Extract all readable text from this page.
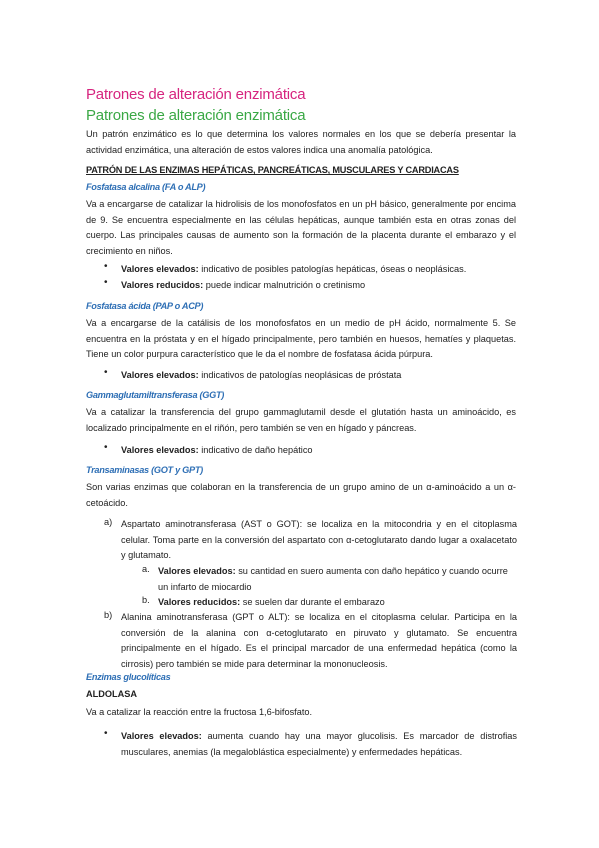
Patrones de alteración enzimática
Patrones de alteración enzimática
Un patrón enzimático es lo que determina los valores normales en los que se debería presentar la actividad enzimática, una alteración de estos valores indica una anomalía patológica.
PATRÓN DE LAS ENZIMAS HEPÁTICAS, PANCREÁTICAS, MUSCULARES Y CARDIACAS
Fosfatasa alcalina (FA o ALP)
Va a encargarse de catalizar la hidrolisis de los monofosfatos en un pH básico, generalmente por encima de 9. Se encuentra especialmente en las células hepáticas, aunque también esta en otras zonas del cuerpo. Las principales causas de aumento son la formación de la placenta durante el embarazo y el crecimiento en niños.
• Valores elevados: indicativo de posibles patologías hepáticas, óseas o neoplásicas.
• Valores reducidos: puede indicar malnutrición o cretinismo
Fosfatasa ácida (PAP o ACP)
Va a encargarse de la catálisis de los monofosfatos en un medio de pH ácido, normalmente 5. Se encuentra en la próstata y en el hígado principalmente, pero también en huesos, hematíes y plaquetas. Tiene un color purpura característico que le da el nombre de fosfatasa ácida púrpura.
• Valores elevados: indicativos de patologías neoplásicas de próstata
Gammaglutamiltransferasa (GGT)
Va a catalizar la transferencia del grupo gammaglutamil desde el glutatión hasta un aminoácido, es localizado principalmente en el riñón, pero también se ven en hígado y páncreas.
• Valores elevados: indicativo de daño hepático
Transaminasas (GOT y GPT)
Son varias enzimas que colaboran en la transferencia de un grupo amino de un α-aminoácido a un α-cetoácido.
a) Aspartato aminotransferasa (AST o GOT): se localiza en la mitocondria y en el citoplasma celular. Toma parte en la conversión del aspartato con α-cetoglutarato dando lugar a oxalacetato y glutamato.
a. Valores elevados: su cantidad en suero aumenta con daño hepático y cuando ocurre un infarto de miocardio
b. Valores reducidos: se suelen dar durante el embarazo
b) Alanina aminotransferasa (GPT o ALT): se localiza en el citoplasma celular. Participa en la conversión de la alanina con α-cetoglutarato en piruvato y glutamato. Se encuentra principalmente en el hígado. Es el principal marcador de una enfermedad hepática (como la cirrosis) pero también se mide para determinar la mononucleosis.
Enzimas glucolíticas
ALDOLASA
Va a catalizar la reacción entre la fructosa 1,6-bifosfato.
• Valores elevados: aumenta cuando hay una mayor glucolisis. Es marcador de distrofias musculares, anemias (la megaloblástica especialmente) y enfermedades hepáticas.
